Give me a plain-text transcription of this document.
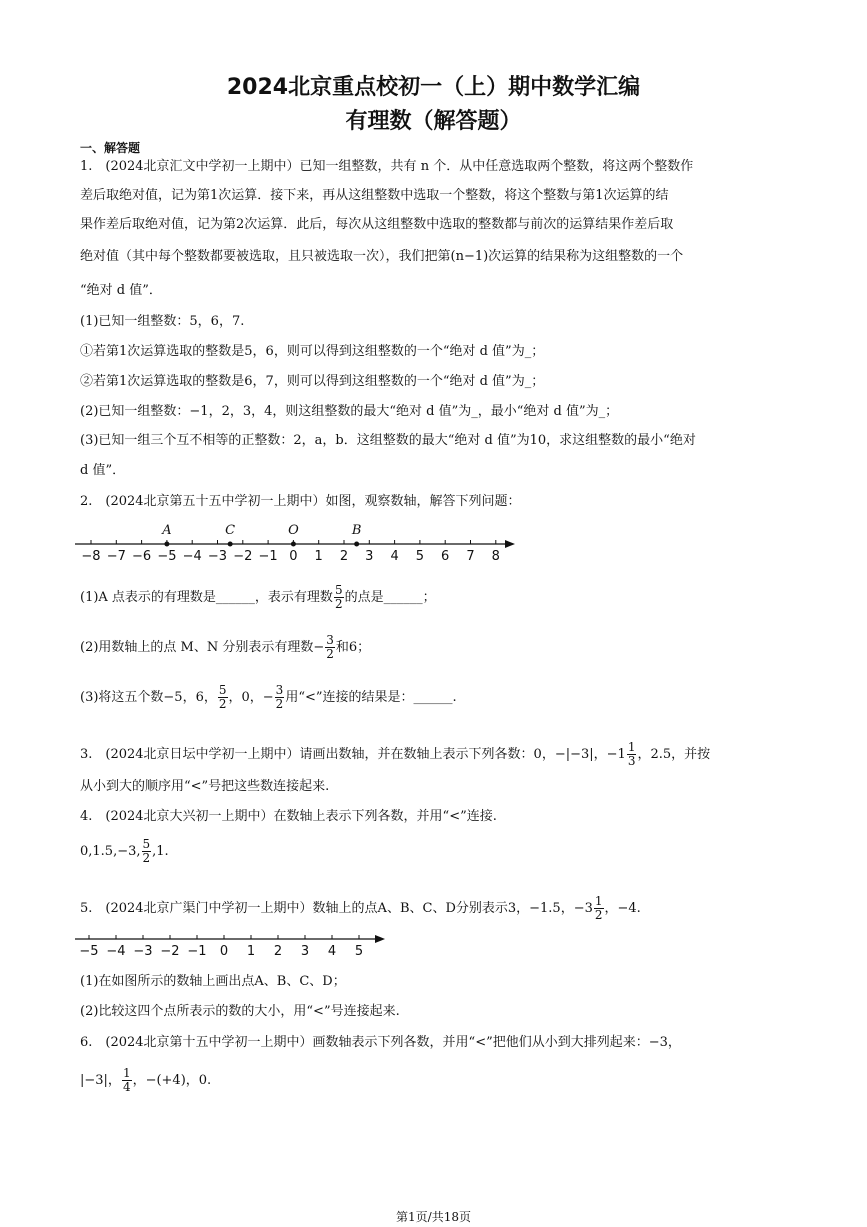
2024北京重点校初一（上）期中数学汇编
有理数（解答题）
一、解答题
1.　(2024北京汇文中学初一上期中）已知一组整数，共有 n 个．从中任意选取两个整数，将这两个整数作
差后取绝对值，记为第1次运算．接下来，再从这组整数中选取一个整数，将这个整数与第1次运算的结
果作差后取绝对值，记为第2次运算．此后，每次从这组整数中选取的整数都与前次的运算结果作差后取
绝对值（其中每个整数都要被选取，且只被选取一次），我们把第(n−1)次运算的结果称为这组整数的一个
“绝对 d 值”．
(1)已知一组整数：5，6，7.
①若第1次运算选取的整数是5，6，则可以得到这组整数的一个“绝对 d 值”为_；
②若第1次运算选取的整数是6，7，则可以得到这组整数的一个“绝对 d 值”为_；
(2)已知一组整数：−1，2，3，4，则这组整数的最大“绝对 d 值”为_，最小“绝对 d 值”为_；
(3)已知一组三个互不相等的正整数：2，a，b．这组整数的最大“绝对 d 值”为10，求这组整数的最小“绝对
d 值”．
2.　(2024北京第五十五中学初一上期中）如图，观察数轴，解答下列问题：
−8 −7 −6 −5 −4 −3 −2 −1 0 1 2 3 4 5 6 7 8
A	C	O	B
(1)A 点表示的有理数是______，表示有理数 $\frac{5}{2}$ 的点是______；
(2)用数轴上的点 M、N 分别表示有理数− $\frac{3}{2}$ 和6；
(3)将这五个数−5，6， $\frac{5}{2}$ ，0，− $\frac{3}{2}$ 用“<”连接的结果是：______.
3.　(2024北京日坛中学初一上期中）请画出数轴，并在数轴上表示下列各数：0，−|−3|，$-1 \frac{1}{3}$ ，2.5，并按
从小到大的顺序用“<”号把这些数连接起来.
4.　(2024北京大兴初一上期中）在数轴上表示下列各数，并用“<”连接.
0,1.5,−3, $\frac{5}{2} ,1$.
5.　(2024北京广渠门中学初一上期中）数轴上的点A、B、C、D分别表示3，−1.5，$-3 \frac{1}{2}$ ，−4.
−5 −4 −3 −2 −1 0 1 2 3 4 5
(1)在如图所示的数轴上画出点A、B、C、D；
(2)比较这四个点所表示的数的大小，用“<”号连接起来.
6.　(2024北京第十五中学初一上期中）画数轴表示下列各数，并用“<”把他们从小到大排列起来：−3，
|−3|， $\frac{1}{4}$ ，−(+4)，0.
第1页/共18页
